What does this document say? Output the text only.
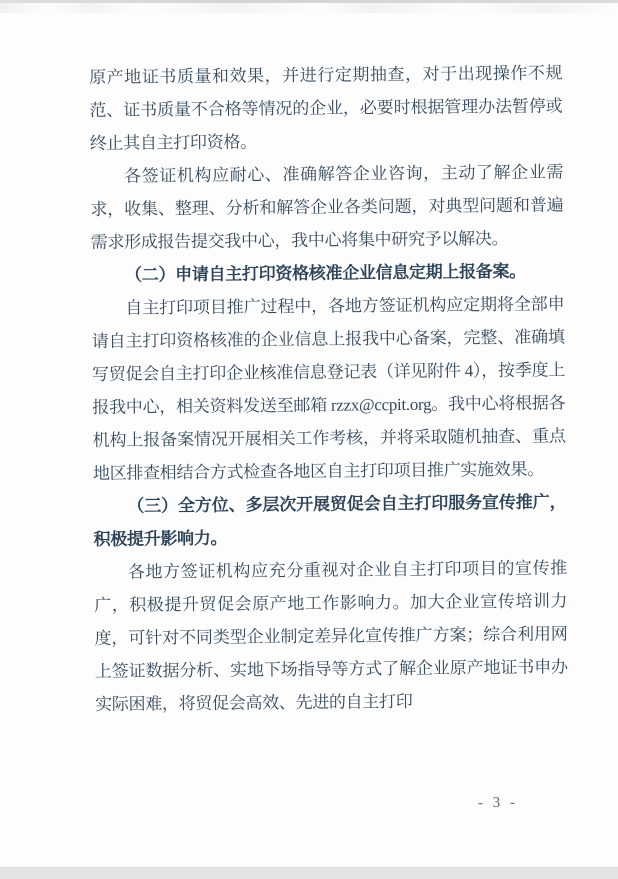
原产地证书质量和效果，并进行定期抽查，对于出现操作不规范、证书质量不合格等情况的企业，必要时根据管理办法暂停或终止其自主打印资格。

各签证机构应耐心、准确解答企业咨询，主动了解企业需求，收集、整理、分析和解答企业各类问题，对典型问题和普遍需求形成报告提交我中心，我中心将集中研究予以解决。

（二）申请自主打印资格核准企业信息定期上报备案。

自主打印项目推广过程中，各地方签证机构应定期将全部申请自主打印资格核准的企业信息上报我中心备案，完整、准确填写贸促会自主打印企业核准信息登记表（详见附件 4），按季度上报我中心，相关资料发送至邮箱 rzzx@ccpit.org。我中心将根据各机构上报备案情况开展相关工作考核，并将采取随机抽查、重点地区排查相结合方式检查各地区自主打印项目推广实施效果。

（三）全方位、多层次开展贸促会自主打印服务宣传推广，积极提升影响力。

各地方签证机构应充分重视对企业自主打印项目的宣传推广，积极提升贸促会原产地工作影响力。加大企业宣传培训力度，可针对不同类型企业制定差异化宣传推广方案；综合利用网上签证数据分析、实地下场指导等方式了解企业原产地证书申办实际困难，将贸促会高效、先进的自主打印

- 3 -
